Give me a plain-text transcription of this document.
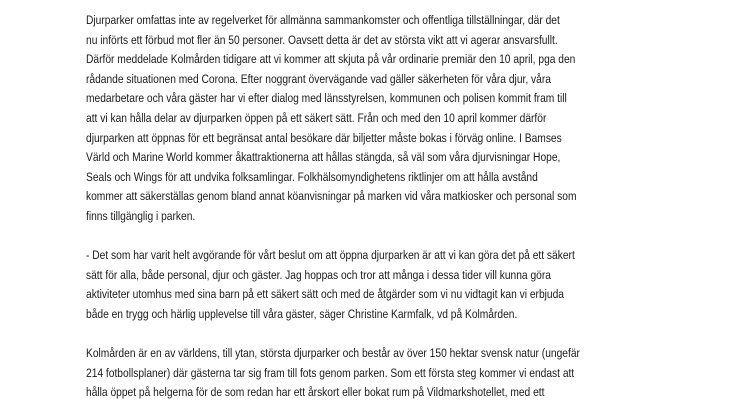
Djurparker omfattas inte av regelverket för allmänna sammankomster och offentliga tillställningar, där det
nu införts ett förbud mot fler än 50 personer. Oavsett detta är det av största vikt att vi agerar ansvarsfullt.
Därför meddelade Kolmården tidigare att vi kommer att skjuta på vår ordinarie premiär den 10 april, pga den
rådande situationen med Corona. Efter noggrant övervägande vad gäller säkerheten för våra djur, våra
medarbetare och våra gäster har vi efter dialog med länsstyrelsen, kommunen och polisen kommit fram till
att vi kan hålla delar av djurparken öppen på ett säkert sätt. Från och med den 10 april kommer därför
djurparken att öppnas för ett begränsat antal besökare där biljetter måste bokas i förväg online. I Bamses
Värld och Marine World kommer åkattraktionerna att hållas stängda, så väl som våra djurvisningar Hope,
Seals och Wings för att undvika folksamlingar. Folkhälsomyndighetens riktlinjer om att hålla avstånd
kommer att säkerställas genom bland annat köanvisningar på marken vid våra matkiosker och personal som
finns tillgänglig i parken.

- Det som har varit helt avgörande för vårt beslut om att öppna djurparken är att vi kan göra det på ett säkert
sätt för alla, både personal, djur och gäster. Jag hoppas och tror att många i dessa tider vill kunna göra
aktiviteter utomhus med sina barn på ett säkert sätt och med de åtgärder som vi nu vidtagit kan vi erbjuda
både en trygg och härlig upplevelse till våra gäster, säger Christine Karmfalk, vd på Kolmården.

Kolmården är en av världens, till ytan, största djurparker och består av över 150 hektar svensk natur (ungefär
214 fotbollsplaner) där gästerna tar sig fram till fots genom parken. Som ett första steg kommer vi endast att
hålla öppet på helgerna för de som redan har ett årskort eller bokat rum på Vildmarkshotellet, med ett
